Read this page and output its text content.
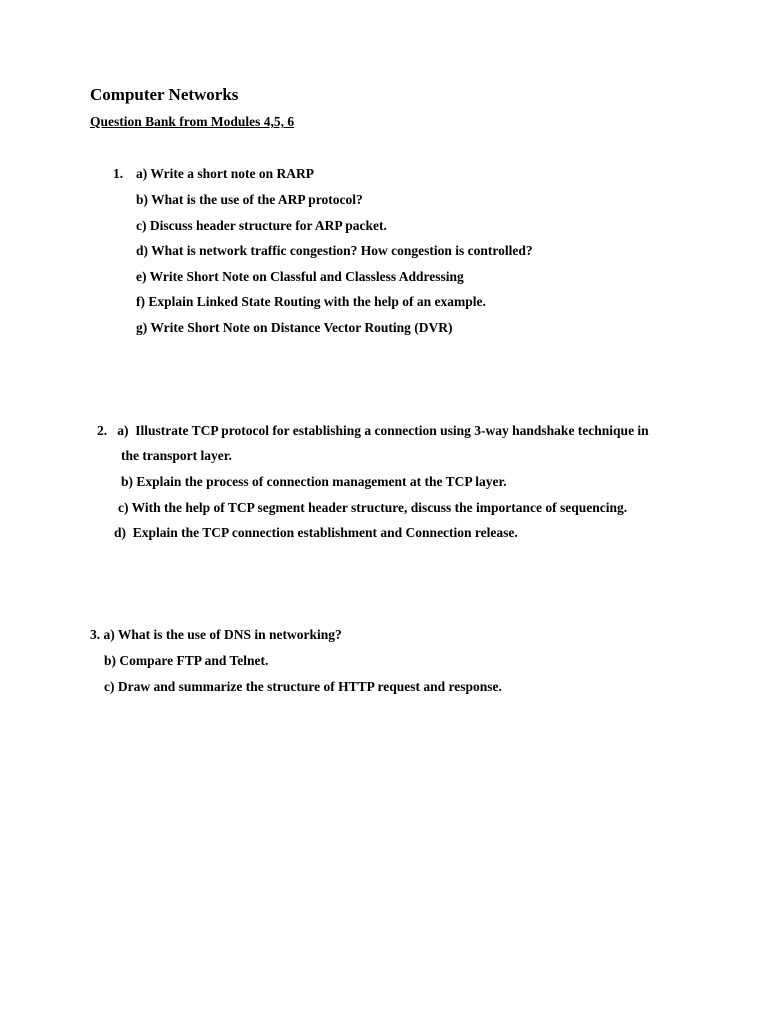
Computer Networks
Question Bank from Modules 4,5, 6
1. a) Write a short note on RARP
b) What is the use of the ARP protocol?
c) Discuss header structure for ARP packet.
d) What is network traffic congestion? How congestion is controlled?
e) Write Short Note on Classful and Classless Addressing
f) Explain Linked State Routing with the help of an example.
g) Write Short Note on Distance Vector Routing (DVR)
2.   a)  Illustrate TCP protocol for establishing a connection using 3-way handshake technique in
the transport layer.
b) Explain the process of connection management at the TCP layer.
c) With the help of TCP segment header structure, discuss the importance of sequencing.
d)  Explain the TCP connection establishment and Connection release.
3. a) What is the use of DNS in networking?
b) Compare FTP and Telnet.
c) Draw and summarize the structure of HTTP request and response.
